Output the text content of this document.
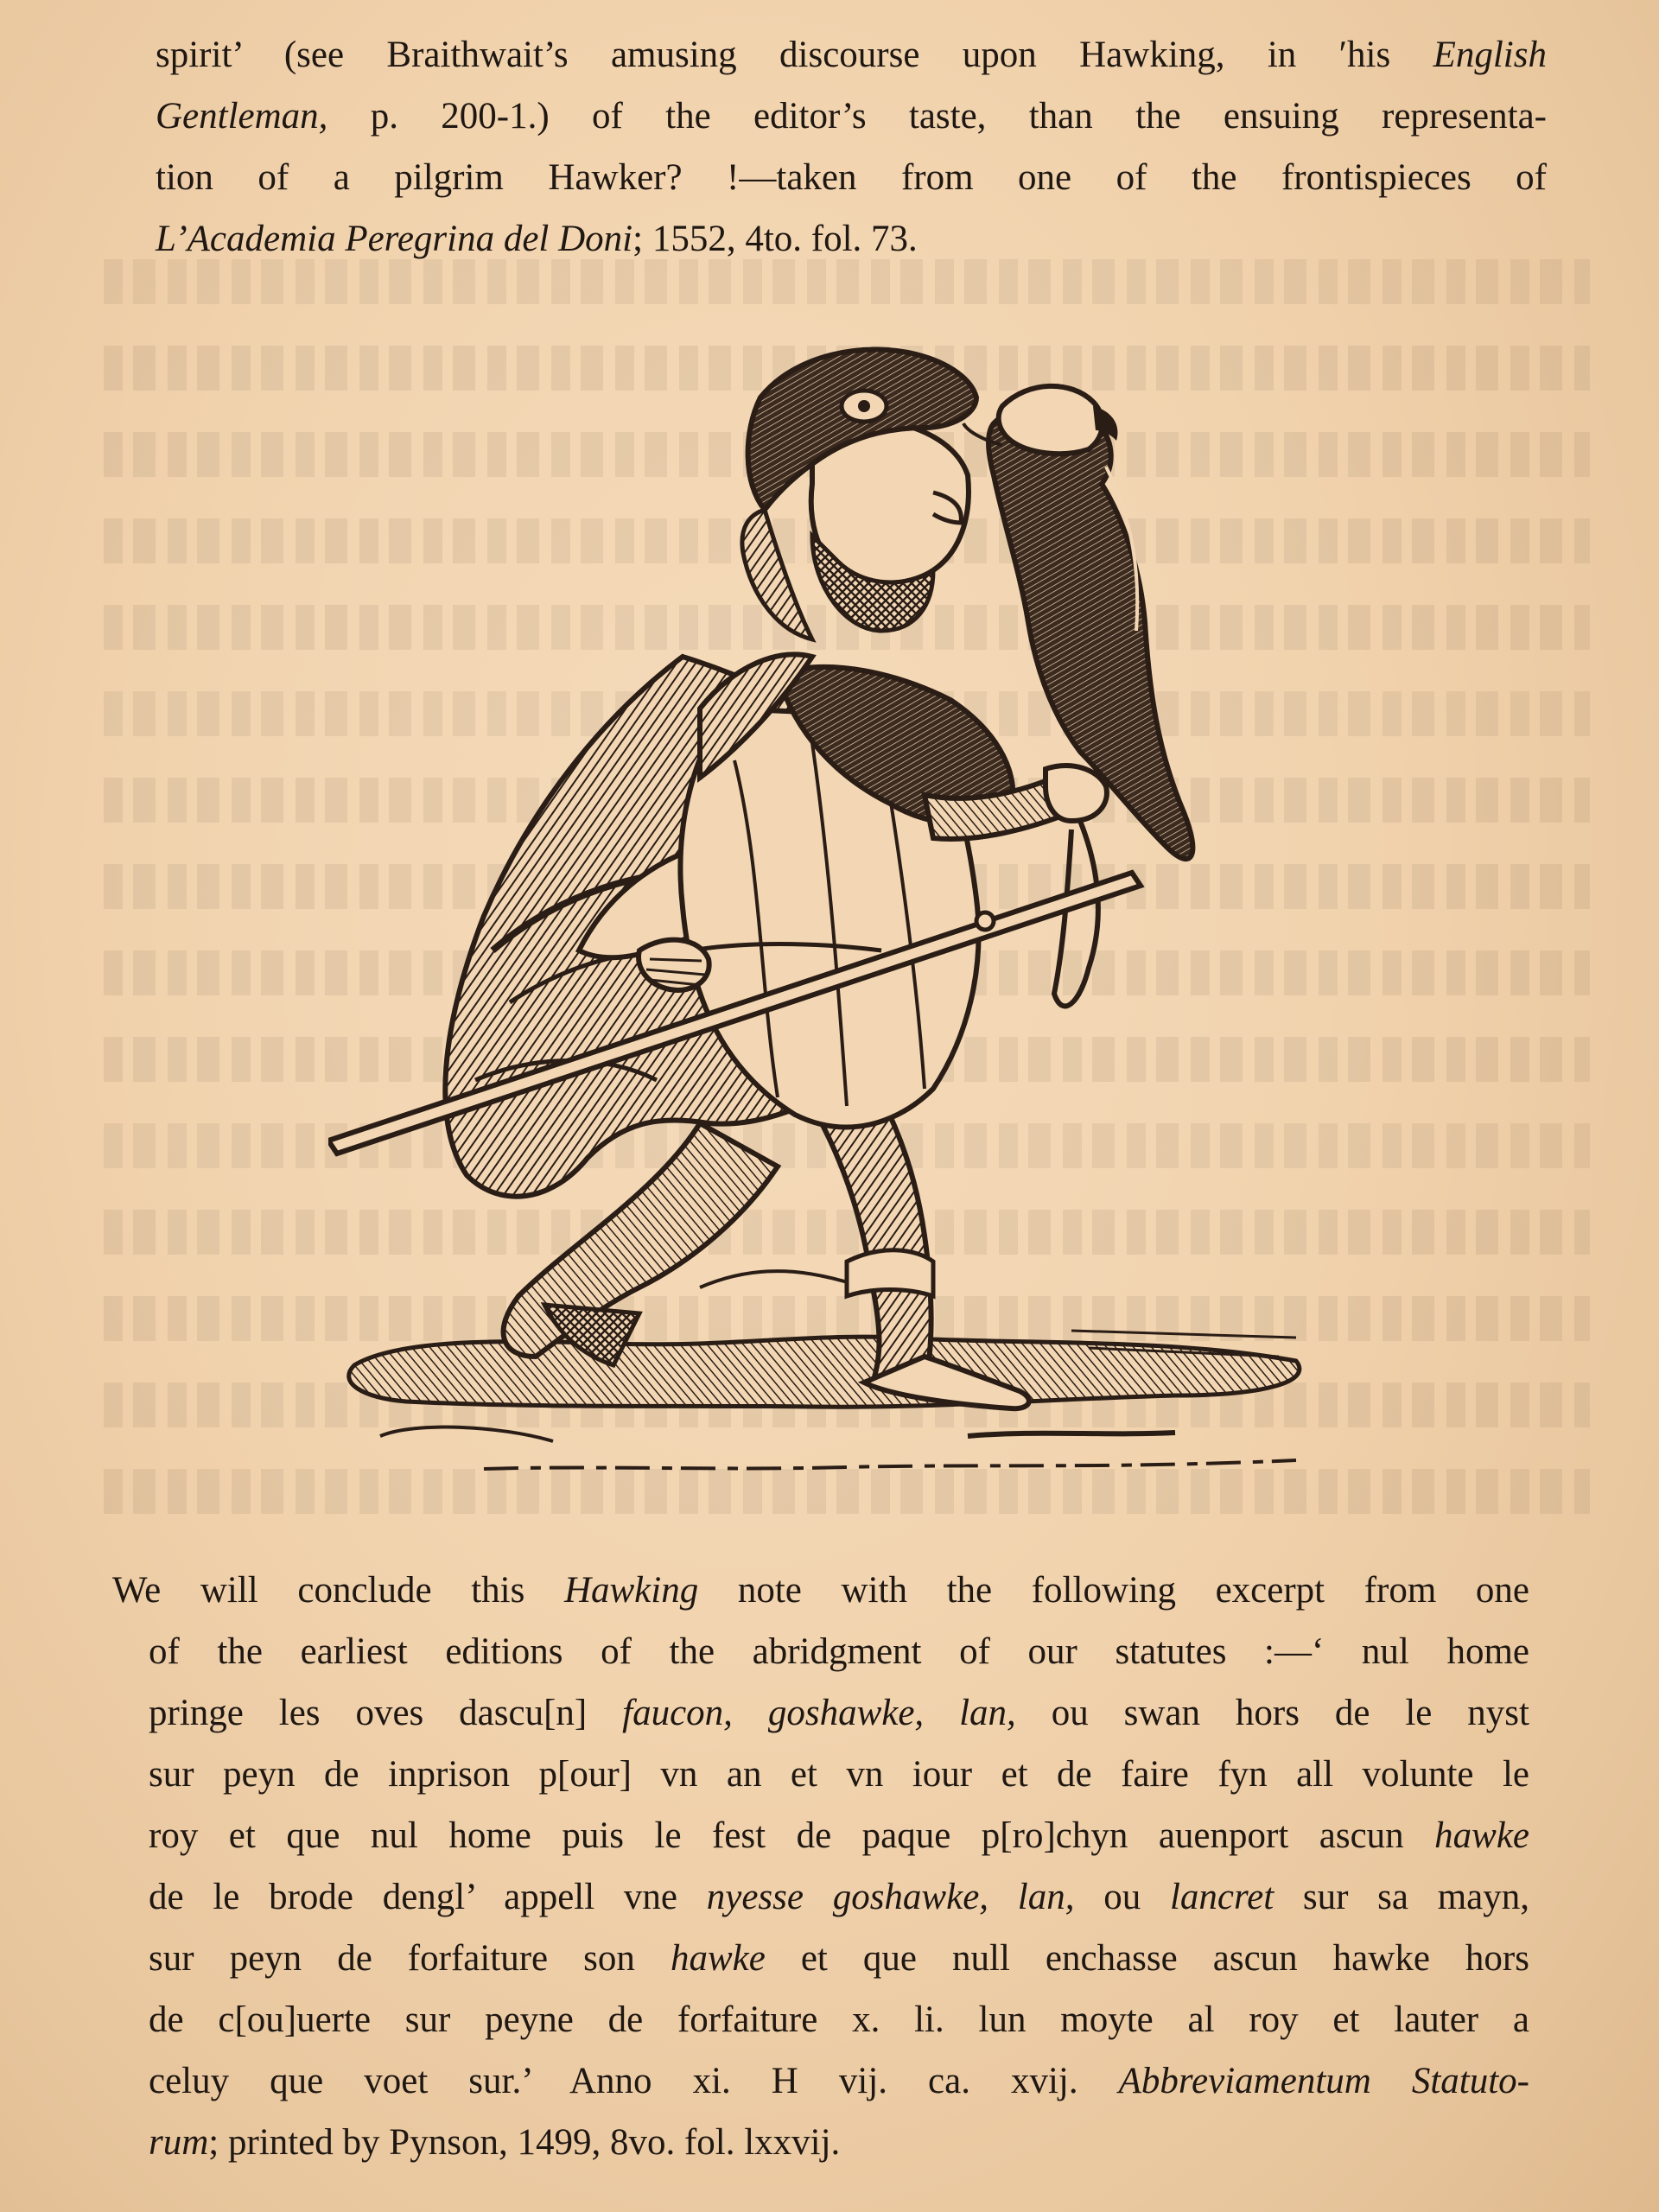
spirit’ (see Braithwait’s amusing discourse upon Hawking, in ʹhis English
Gentleman, p. 200-1.) of the editor’s taste, than the ensuing representa-
tion of a pilgrim Hawker? !—taken from one of the frontispieces of
L’Academia Peregrina del Doni; 1552, 4to. fol. 73.
We will conclude this Hawking note with the following excerpt from one
of the earliest editions of the abridgment of our statutes :—‘ nul home
pringe les oves dascu[n] faucon, goshawke, lan, ou swan hors de le nyst
sur peyn de inprison p[our] vn an et vn iour et de faire fyn all volunte le
roy et que nul home puis le fest de paque p[ro]chyn auenport ascun hawke
de le brode dengl’ appell vne nyesse goshawke, lan, ou lancret sur sa mayn,
sur peyn de forfaiture son hawke et que null enchasse ascun hawke hors
de c[ou]uerte sur peyne de forfaiture x. li. lun moyte al roy et lauter a
celuy que voet sur.’ Anno xi. H vij. ca. xvij. Abbreviamentum Statuto-
rum; printed by Pynson, 1499, 8vo. fol. lxxvij.
